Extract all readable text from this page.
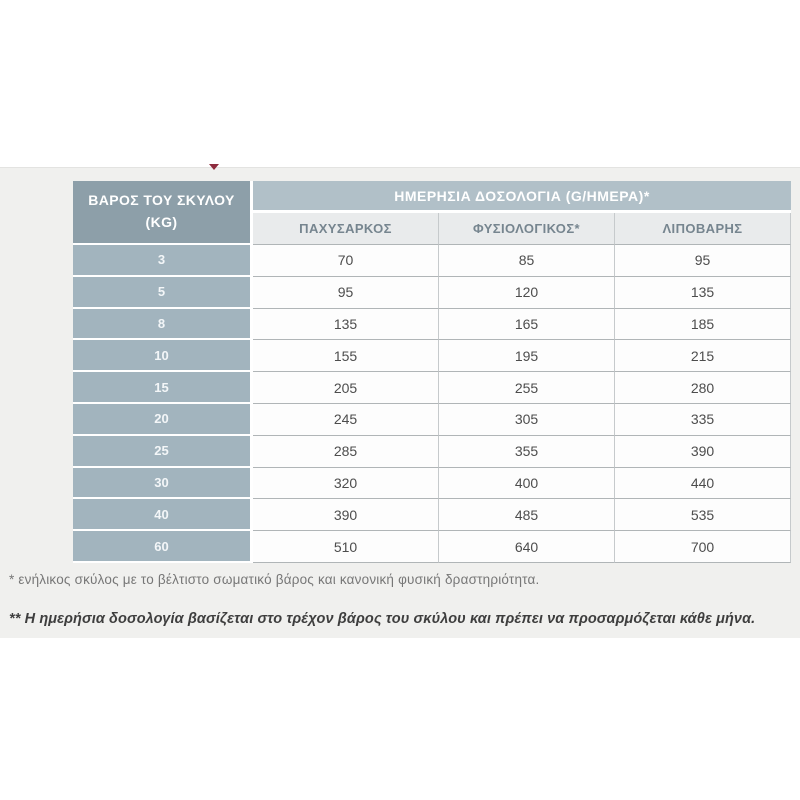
ΒΑΡΟΣ ΤΟΥ ΣΚΥΛΟΥ
(KG)	ΗΜΕΡΗΣΙΑ ΔΟΣΟΛΟΓΙΑ (G/ΗΜΕΡΑ)*		
	ΠΑΧΥΣΑΡΚΟΣ	ΦΥΣΙΟΛΟΓΙΚΟΣ*	ΛΙΠΟΒΑΡΗΣ
3	70	85	95
5	95	120	135
8	135	165	185
10	155	195	215
15	205	255	280
20	245	305	335
25	285	355	390
30	320	400	440
40	390	485	535
60	510	640	700

* ενήλικος σκύλος με το βέλτιστο σωματικό βάρος και κανονική φυσική δραστηριότητα.

** Η ημερήσια δοσολογία βασίζεται στο τρέχον βάρος του σκύλου και πρέπει να προσαρμόζεται κάθε μήνα.
